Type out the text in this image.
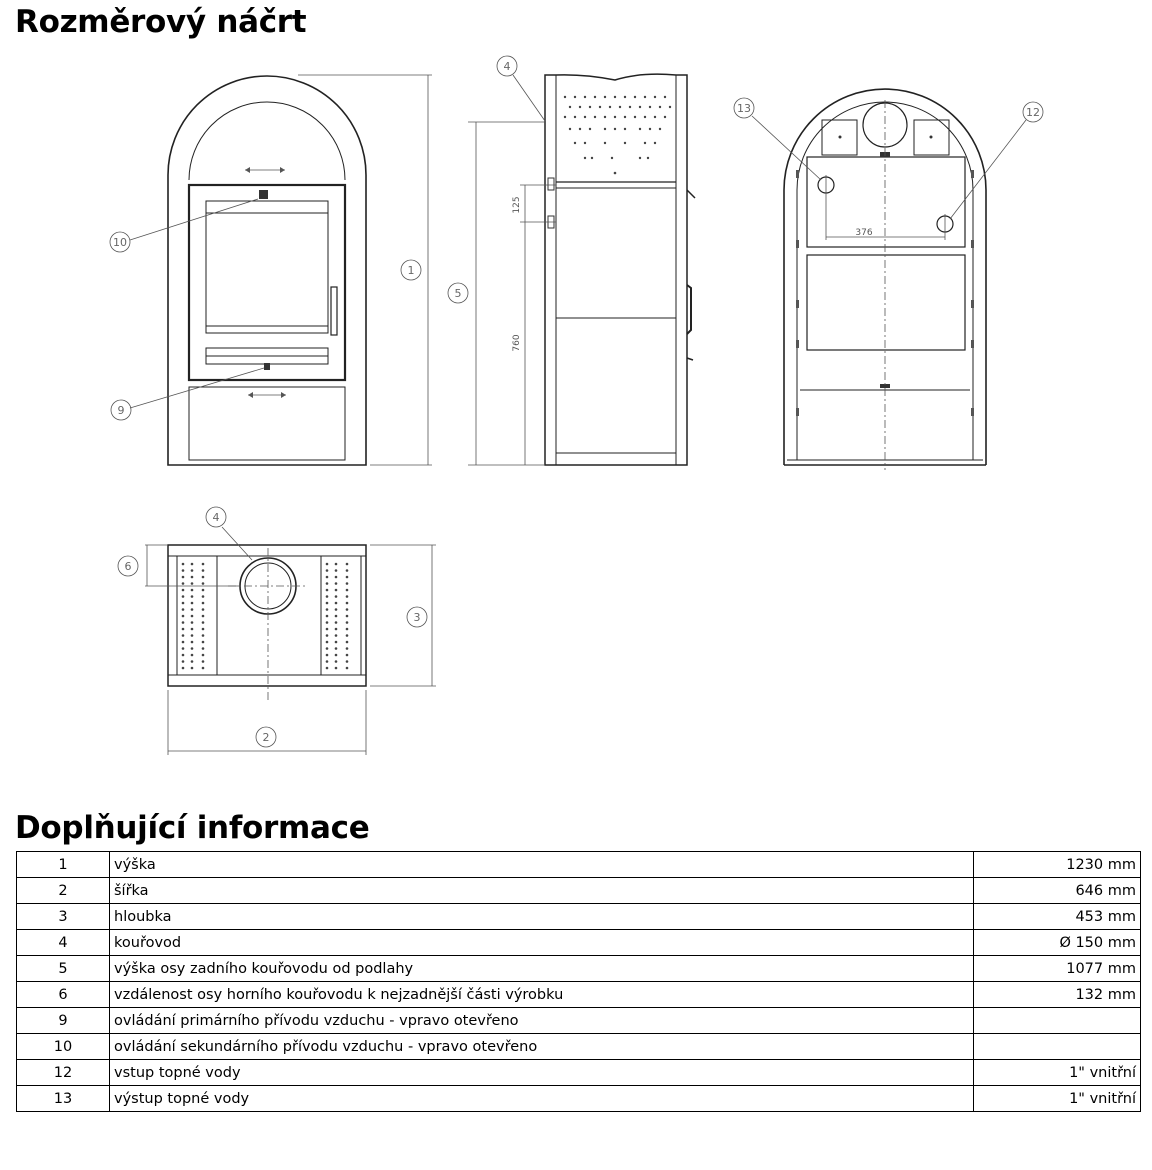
Rozměrový náčrt
10
9
1
125
760
5
4
376
13	12
6
3
2
4
Doplňující informace
1	výška	1230 mm
2	šířka	646 mm
3	hloubka	453 mm
4	kouřovod	Ø 150 mm
5	výška osy zadního kouřovodu od podlahy	1077 mm
6	vzdálenost osy horního kouřovodu k nejzadnější části výrobku	132 mm
9	ovládání primárního přívodu vzduchu - vpravo otevřeno	
10	ovládání sekundárního přívodu vzduchu - vpravo otevřeno	
12	vstup topné vody	1" vnitřní
13	výstup topné vody	1" vnitřní
